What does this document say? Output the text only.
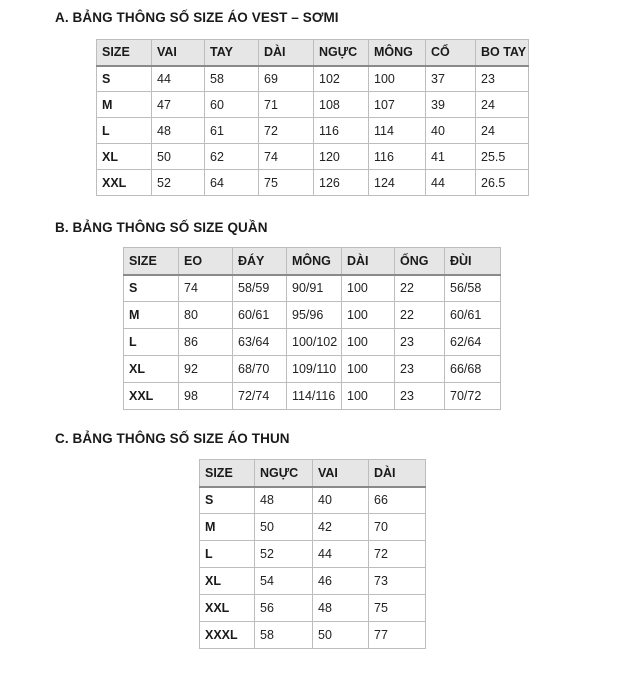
A. BẢNG THÔNG SỐ SIZE ÁO VEST – SƠMI
SIZE	VAI	TAY	DÀI	NGỰC	MÔNG	CỔ	BO TAY
S	44	58	69	102	100	37	23
M	47	60	71	108	107	39	24
L	48	61	72	116	114	40	24
XL	50	62	74	120	116	41	25.5
XXL	52	64	75	126	124	44	26.5
B. BẢNG THÔNG SỐ SIZE QUẦN
SIZE	EO	ĐÁY	MÔNG	DÀI	ỐNG	ĐÙI
S	74	58/59	90/91	100	22	56/58
M	80	60/61	95/96	100	22	60/61
L	86	63/64	100/102	100	23	62/64
XL	92	68/70	109/110	100	23	66/68
XXL	98	72/74	114/116	100	23	70/72
C. BẢNG THÔNG SỐ SIZE ÁO THUN
SIZE	NGỰC	VAI	DÀI
S	48	40	66
M	50	42	70
L	52	44	72
XL	54	46	73
XXL	56	48	75
XXXL	58	50	77
